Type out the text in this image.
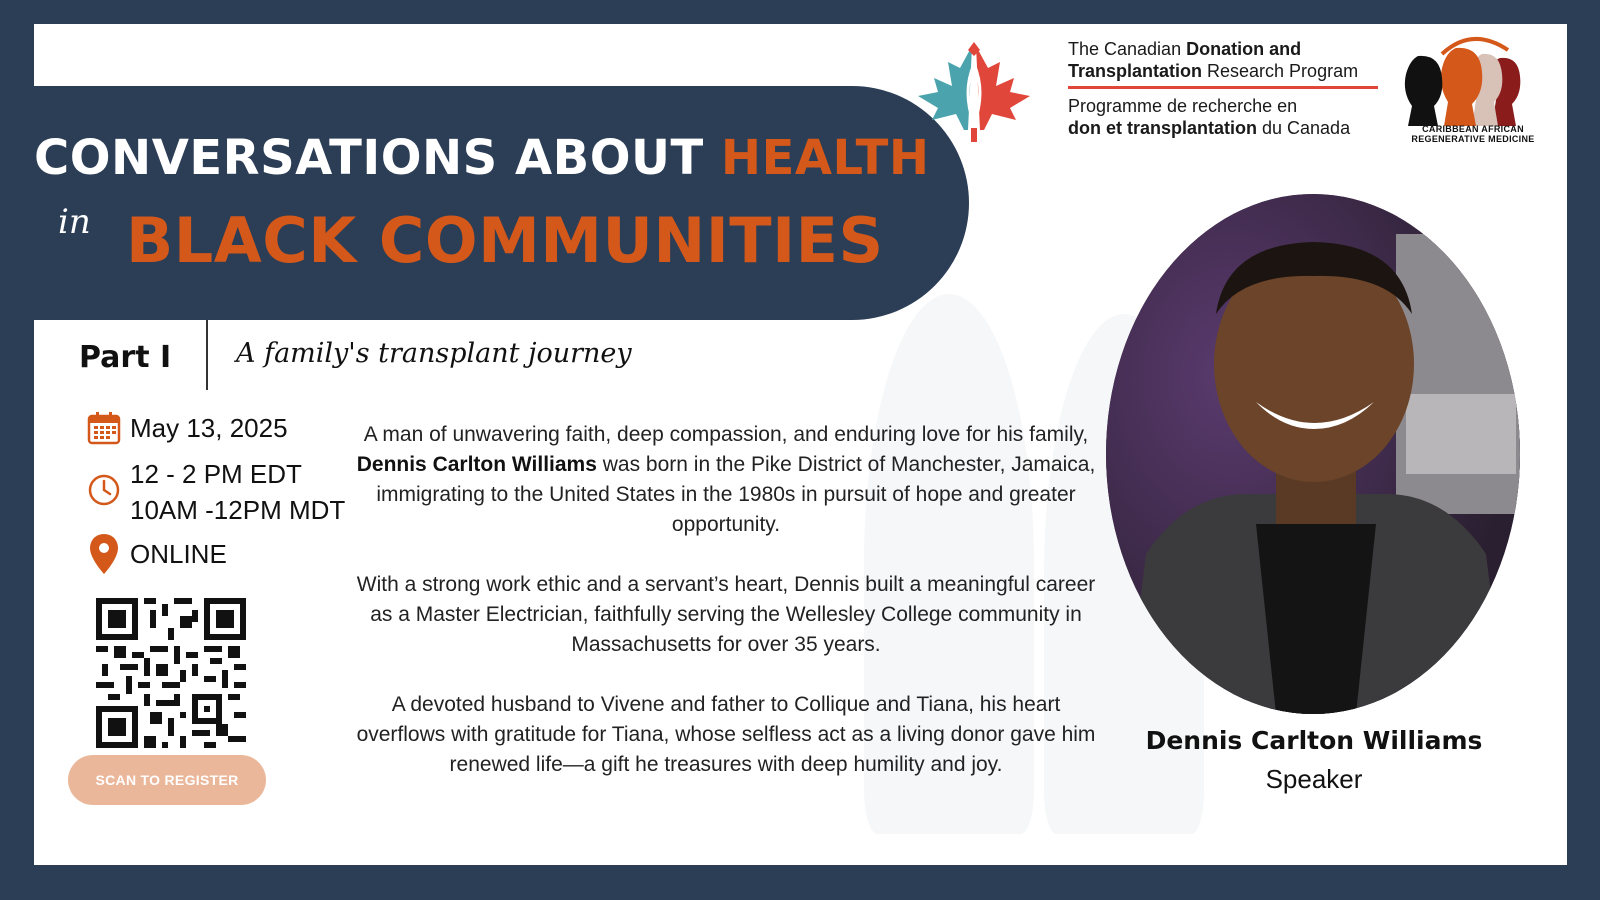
CONVERSATIONS ABOUT HEALTH
in BLACK COMMUNITIES
The Canadian Donation and
Transplantation Research Program
Programme de recherche en
don et transplantation du Canada	CARIBBEAN AFRICAN
REGENERATIVE MEDICINE
Part I A family's transplant journey
May 13, 2025
12 - 2 PM EDT
10AM -12PM MDT
ONLINE
SCAN TO REGISTER

A man of unwavering faith, deep compassion, and enduring love for his family, Dennis Carlton Williams was born in the Pike District of Manchester, Jamaica, immigrating to the United States in the 1980s in pursuit of hope and greater opportunity.

With a strong work ethic and a servant’s heart, Dennis built a meaningful career as a Master Electrician, faithfully serving the Wellesley College community in Massachusetts for over 35 years.

A devoted husband to Vivene and father to Collique and Tiana, his heart overflows with gratitude for Tiana, whose selfless act as a living donor gave him renewed life—a gift he treasures with deep humility and joy.

Dennis Carlton Williams
Speaker
